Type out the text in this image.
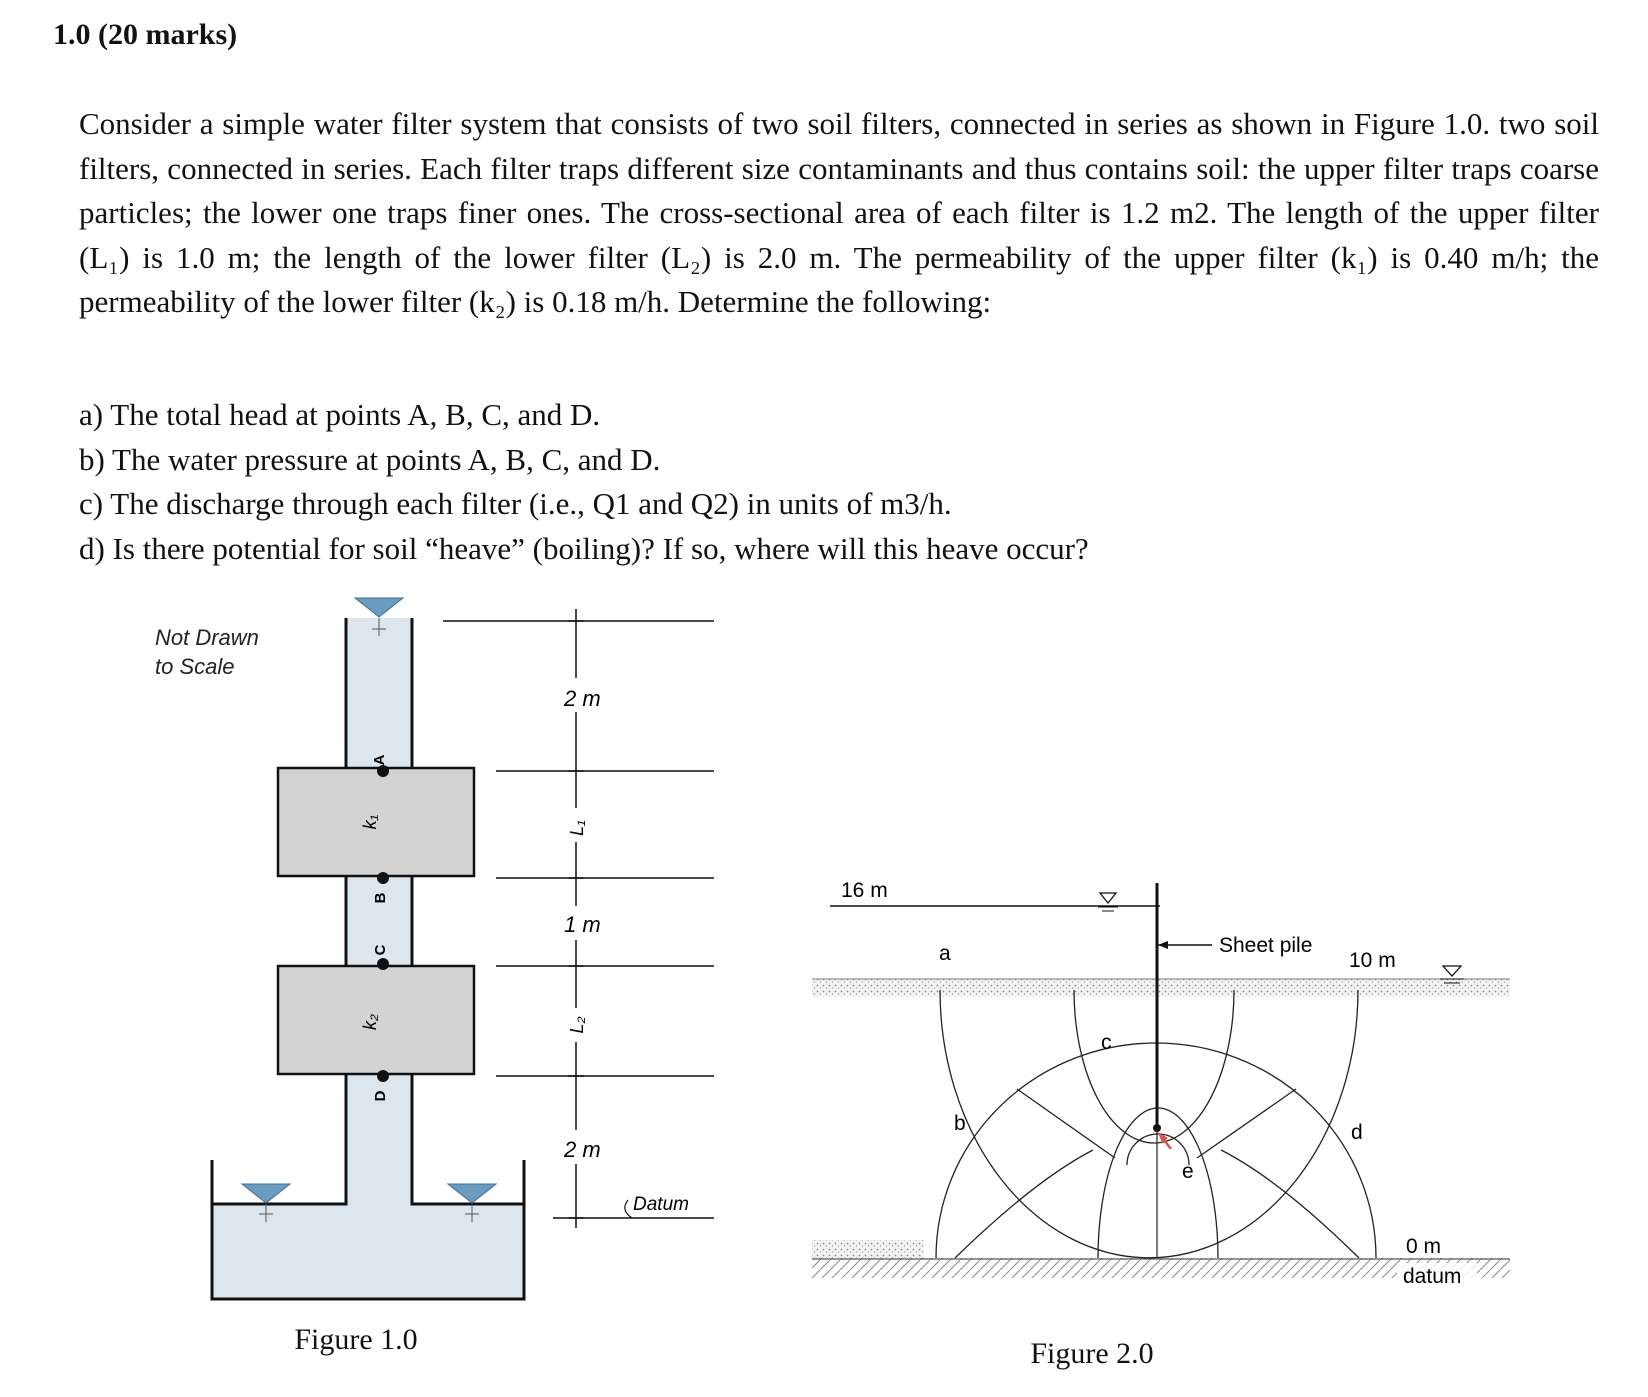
1.0 (20 marks)
Consider a simple water filter system that consists of two soil filters, connected in series as shown in Figure 1.0. two soil filters, connected in series. Each filter traps different size contaminants and thus contains soil: the upper filter traps coarse particles; the lower one traps finer ones. The cross-sectional area of each filter is 1.2 m2. The length of the upper filter (L₁) is 1.0 m; the length of the lower filter (L₂) is 2.0 m. The permeability of the upper filter (k₁) is 0.40 m/h; the permeability of the lower filter (k₂) is 0.18 m/h. Determine the following:
a) The total head at points A, B, C, and D.
b) The water pressure at points A, B, C, and D.
c) The discharge through each filter (i.e., Q1 and Q2) in units of m3/h.
d) Is there potential for soil “heave” (boiling)? If so, where will this heave occur?
A
B
C
D
k₁
k₂
Not Drawn
to Scale
2 m
L₁
1 m
L₂
2 m
Datum
Figure 1.0
16 m
Sheet pile
a
b
c
d
e
10 m
0 m
datum
Figure 2.0
